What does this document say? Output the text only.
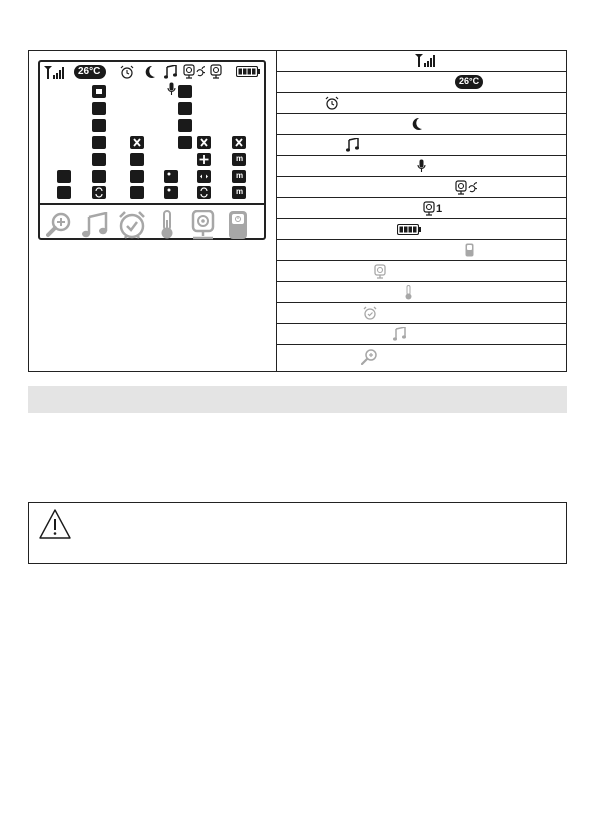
26°C
m
m
m
26°C
1
